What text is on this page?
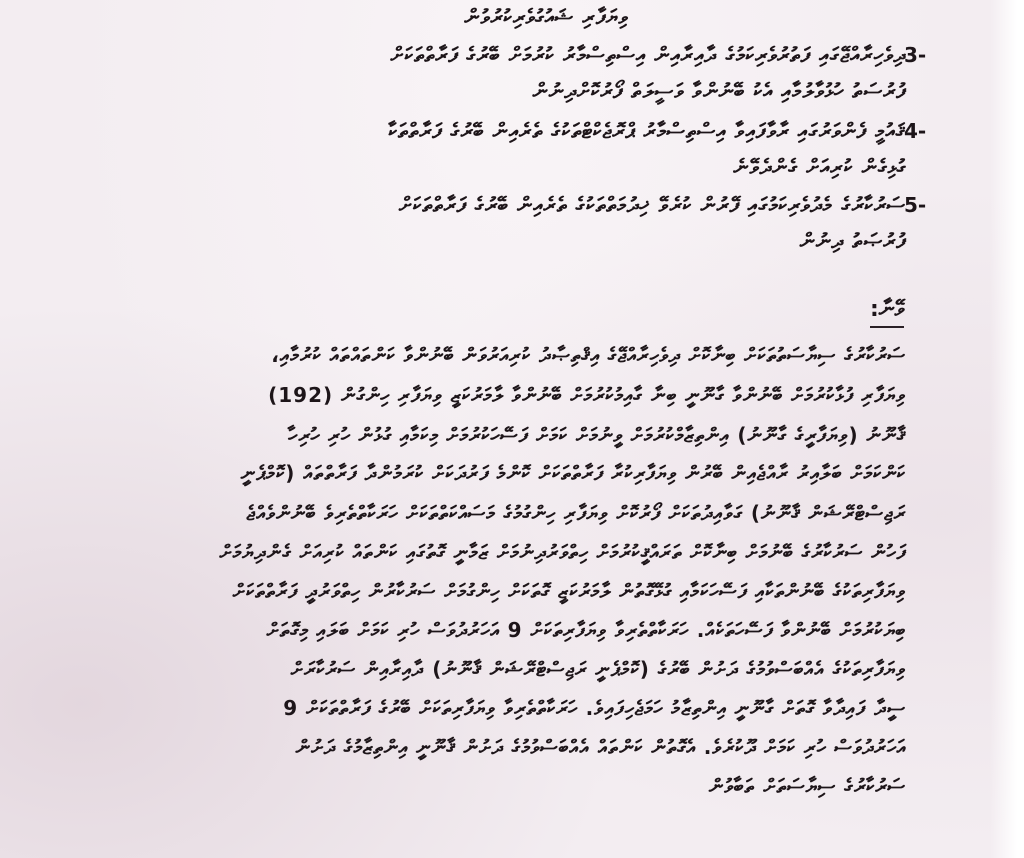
ވިޔަފާރި ޝައުގުވެރިކުރުވުން
3-
ދިވެހިރާއްޖޭގައި ފަތުރުވެރިކަމުގެ ދާއިރާއިން އިސްތިސްމާރު ކުރުމަށް ބޭރުގެ ފަރާތްތަކަށް
ފުރުސަތު ހުޅުވާލުމާއި އެކު ބޭނުންވާ ވަސީލަތް ފޯރުކޮށްދިނުން
4-
ޤައުމީ ފެންވަރުގައި ރާވާފައިވާ އިސްތިސްމާރު ޕްރޮޖެކްޓްތަކުގެ ތެރެއިން ބޭރުގެ ފަރާތްތަކާ
ގުޅިގެން ކުރިއަށް ގެންދެވޭނެ
5-
ސަރުކާރުގެ މެދުވެރިކަމުގައި ފޭރުން ކުރެވޭ ޚިދުމަތްތަކުގެ ތެރެއިން ބޭރުގެ ފަރާތްތަކަށް
ފުރުޞަތު ދިނުން
ވޭނާ:
ސަރުކާރުގެ ސިޔާސަތުތަކަށް ބިނާކޮށް ދިވެހިރާއްޖޭގެ އިޤްތިޞާދު ކުރިއަރުވަން ބޭނުންވާ ކަންތައްތައް ކުރުމާއި،
ވިޔަފާރި ފުޅާކުރުމަށް ބޭނުންވާ ގާނޫނީ ބިނާ ގާއިމުކުރުމަށް ބޭނުންވާ ލާމަރުކަޒީ ވިޔަފާރި ހިންގުން (192)
ޤާނޫނު (ވިޔަފާރީގެ ގާނޫނު) އިންތިޒާމްކުރުމަށް ވީނުމަށް ކަމަށް ފަސޭހަކުރުމަށް މިކަމާއި ގުޅުން ހުރި ހުރިހާ
ކަންކަމަށް ބަލާއިރު ރާއްޖެއިން ބޭރުން ވިޔަފާރިކުރާ ފަރާތްތަކަށް ކޮންމެ ފަރުދަކަށް ކުރަމުންދާ ފަރާތްތައް (ކޮމްޕެނީ
ރަޖިސްޓްރޭޝަން ޤާނޫނު) ގަވާއިދުތަކަށް ފޯރުކޮށް ވިޔަފާރި ހިންގުމުގެ މަސައްކަތްތަކަށް ހަރަކާތްތެރިވެ ބޭނުންވެއްޖެ
ފަހުން ސަރުކާރުގެ ބޭނުމަށް ބިނާކޮށް ތަރައްޤީކުރުމަށް ހިތްވަރުދިނުމަށް ޒަމާނީ ގޮތުގައި ކަންތައް ކުރިއަށް ގެންދިޔުމަށް
ވިޔަފާރިތަކުގެ ބޭނުންތަކާއި ފަސޭހަކަމާއި ގުޅޭގޮތުން ލާމަރުކަޒީ ގޮތަކަށް ހިންގުމަށް ސަރުކާރުން ހިތްވަރުދީ ފަރާތްތަކަށް
ބިޔަކުރުމަށް ބޭނުންވާ ފަސޭހަތަކެއް. ހަރަކާތްތެރިވާ ވިޔަފާރިތަކަށް 9 އަހަރުދުވަސް ހުރި ކަމަށް ބަލައި މިގޮތަށް
ވިޔަފާރިތަކުގެ އެއްބަސްވުމުގެ ދަށުން ބޭރުގެ (ކޮމްޕެނީ ރަޖިސްޓްރޭޝަން ޤާނޫނު) ދާއިރާއިން ސަރުކާރަށް
ސީދާ ފައިދާވާ ގޮތަށް ގާނޫނީ އިންތިޒާމު ހަމަޖެހިފައިވެ. ހަރަކާތްތެރިވާ ވިޔަފާރިތަކަށް ބޭރުގެ ފަރާތްތަކަށް 9
އަހަރުދުވަސް ހުރި ކަމަށް ދޫކުރެވެ. އެގޮތުން ކަންތައް އެއްބަސްވުމުގެ ދަށުން ޤާނޫނީ އިންތިޒާމުގެ ދަށުން
ސަރުކާރުގެ ސިޔާސަތަށް ތަބާވުން
